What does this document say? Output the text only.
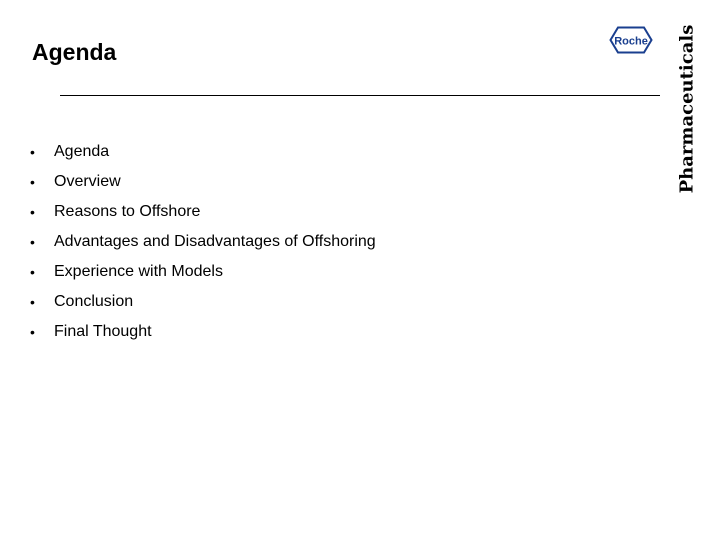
Agenda
•	Agenda
•	Overview
•	Reasons to Offshore
•	Advantages and Disadvantages of Offshoring
•	Experience with Models
•	Conclusion
•	Final Thought
Roche Pharmaceuticals
